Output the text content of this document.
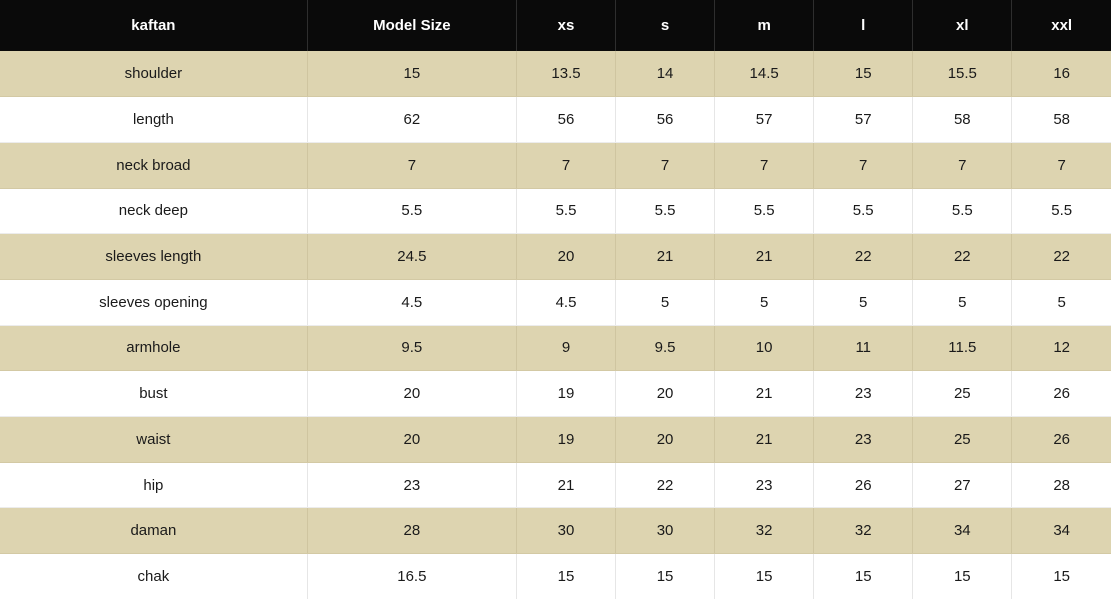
kaftan	Model Size	xs	s	m	l	xl	xxl
shoulder	15	13.5	14	14.5	15	15.5	16
length	62	56	56	57	57	58	58
neck broad	7	7	7	7	7	7	7
neck deep	5.5	5.5	5.5	5.5	5.5	5.5	5.5
sleeves length	24.5	20	21	21	22	22	22
sleeves opening	4.5	4.5	5	5	5	5	5
armhole	9.5	9	9.5	10	11	11.5	12
bust	20	19	20	21	23	25	26
waist	20	19	20	21	23	25	26
hip	23	21	22	23	26	27	28
daman	28	30	30	32	32	34	34
chak	16.5	15	15	15	15	15	15
